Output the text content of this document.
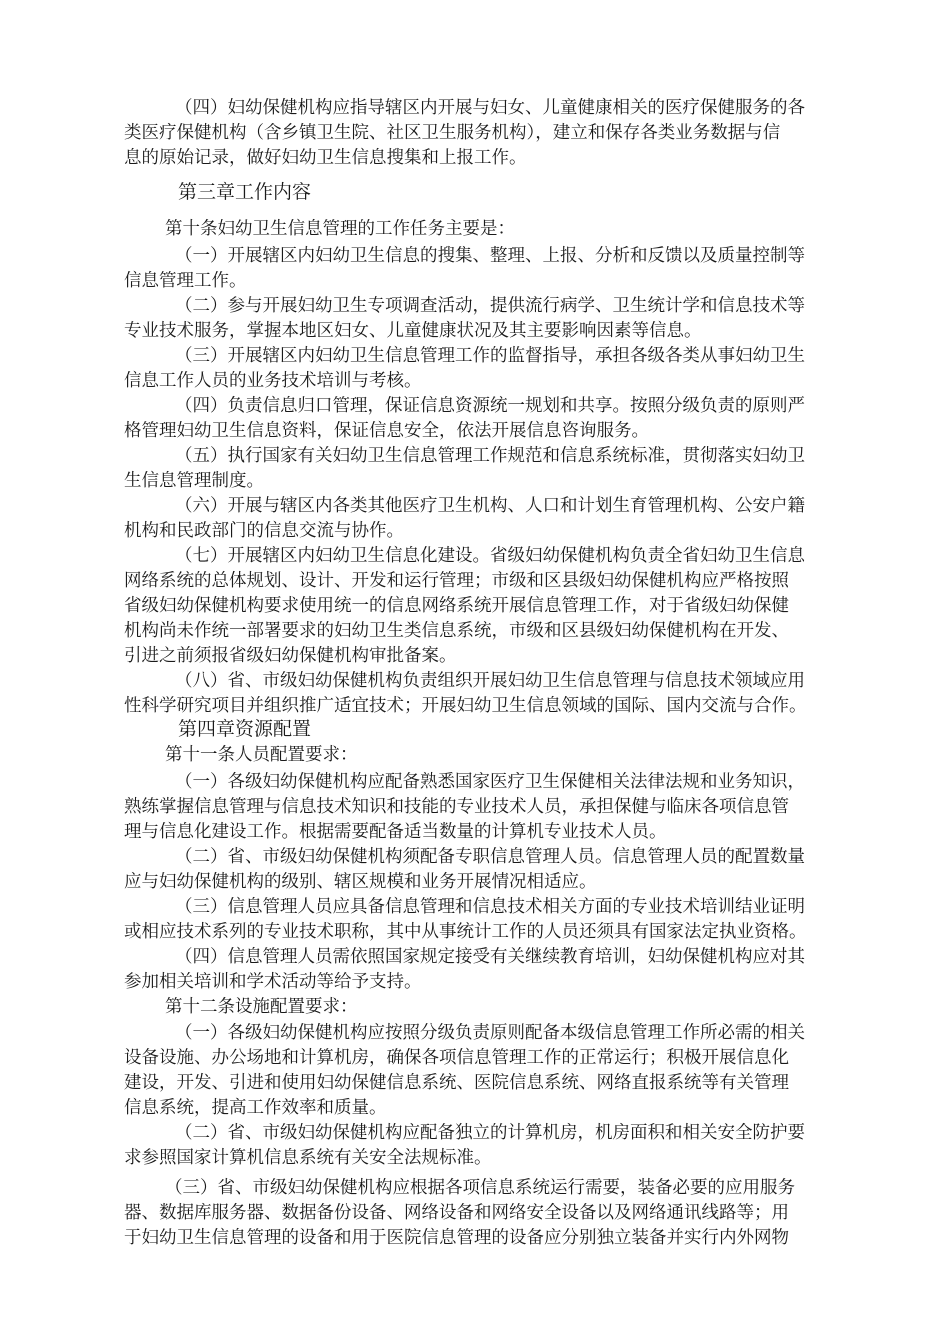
（四）妇幼保健机构应指导辖区内开展与妇女、儿童健康相关的医疗保健服务的各
类医疗保健机构（含乡镇卫生院、社区卫生服务机构），建立和保存各类业务数据与信
息的原始记录，做好妇幼卫生信息搜集和上报工作。
第三章工作内容
第十条妇幼卫生信息管理的工作任务主要是：
（一）开展辖区内妇幼卫生信息的搜集、整理、上报、分析和反馈以及质量控制等
信息管理工作。
（二）参与开展妇幼卫生专项调查活动，提供流行病学、卫生统计学和信息技术等
专业技术服务，掌握本地区妇女、儿童健康状况及其主要影响因素等信息。
（三）开展辖区内妇幼卫生信息管理工作的监督指导，承担各级各类从事妇幼卫生
信息工作人员的业务技术培训与考核。
（四）负责信息归口管理，保证信息资源统一规划和共享。按照分级负责的原则严
格管理妇幼卫生信息资料，保证信息安全，依法开展信息咨询服务。
（五）执行国家有关妇幼卫生信息管理工作规范和信息系统标准，贯彻落实妇幼卫
生信息管理制度。
（六）开展与辖区内各类其他医疗卫生机构、人口和计划生育管理机构、公安户籍
机构和民政部门的信息交流与协作。
（七）开展辖区内妇幼卫生信息化建设。省级妇幼保健机构负责全省妇幼卫生信息
网络系统的总体规划、设计、开发和运行管理；市级和区县级妇幼保健机构应严格按照
省级妇幼保健机构要求使用统一的信息网络系统开展信息管理工作，对于省级妇幼保健
机构尚未作统一部署要求的妇幼卫生类信息系统，市级和区县级妇幼保健机构在开发、
引进之前须报省级妇幼保健机构审批备案。
（八）省、市级妇幼保健机构负责组织开展妇幼卫生信息管理与信息技术领域应用
性科学研究项目并组织推广适宜技术；开展妇幼卫生信息领域的国际、国内交流与合作。
第四章资源配置
第十一条人员配置要求：
（一）各级妇幼保健机构应配备熟悉国家医疗卫生保健相关法律法规和业务知识，
熟练掌握信息管理与信息技术知识和技能的专业技术人员，承担保健与临床各项信息管
理与信息化建设工作。根据需要配备适当数量的计算机专业技术人员。
（二）省、市级妇幼保健机构须配备专职信息管理人员。信息管理人员的配置数量
应与妇幼保健机构的级别、辖区规模和业务开展情况相适应。
（三）信息管理人员应具备信息管理和信息技术相关方面的专业技术培训结业证明
或相应技术系列的专业技术职称，其中从事统计工作的人员还须具有国家法定执业资格。
（四）信息管理人员需依照国家规定接受有关继续教育培训，妇幼保健机构应对其
参加相关培训和学术活动等给予支持。
第十二条设施配置要求：
（一）各级妇幼保健机构应按照分级负责原则配备本级信息管理工作所必需的相关
设备设施、办公场地和计算机房，确保各项信息管理工作的正常运行；积极开展信息化
建设，开发、引进和使用妇幼保健信息系统、医院信息系统、网络直报系统等有关管理
信息系统，提高工作效率和质量。
（二）省、市级妇幼保健机构应配备独立的计算机房，机房面积和相关安全防护要
求参照国家计算机信息系统有关安全法规标准。
（三）省、市级妇幼保健机构应根据各项信息系统运行需要，装备必要的应用服务
器、数据库服务器、数据备份设备、网络设备和网络安全设备以及网络通讯线路等；用
于妇幼卫生信息管理的设备和用于医院信息管理的设备应分别独立装备并实行内外网物
